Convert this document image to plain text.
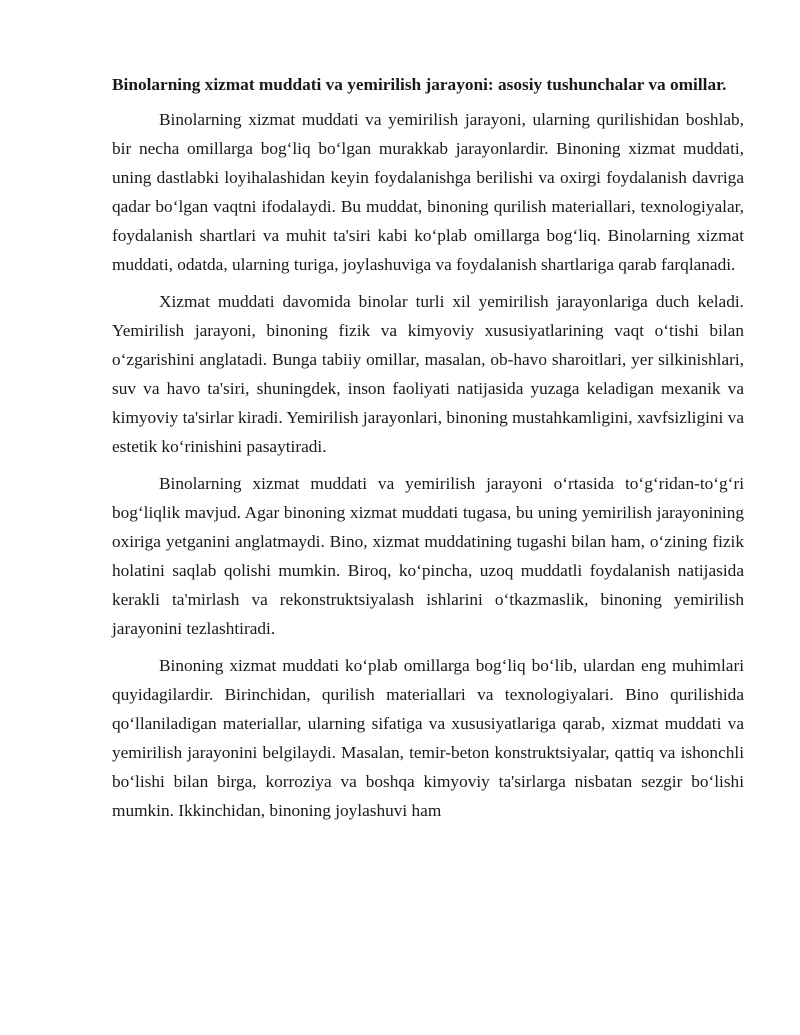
Binolarning xizmat muddati va yemirilish jarayoni: asosiy tushunchalar va omillar.

Binolarning xizmat muddati va yemirilish jarayoni, ularning qurilishidan boshlab, bir necha omillarga bog‘liq bo‘lgan murakkab jarayonlardir. Binoning xizmat muddati, uning dastlabki loyihalashidan keyin foydalanishga berilishi va oxirgi foydalanish davriga qadar bo‘lgan vaqtni ifodalaydi. Bu muddat, binoning qurilish materiallari, texnologiyalar, foydalanish shartlari va muhit ta'siri kabi ko‘plab omillarga bog‘liq. Binolarning xizmat muddati, odatda, ularning turiga, joylashuviga va foydalanish shartlariga qarab farqlanadi.

Xizmat muddati davomida binolar turli xil yemirilish jarayonlariga duch keladi. Yemirilish jarayoni, binoning fizik va kimyoviy xususiyatlarining vaqt o‘tishi bilan o‘zgarishini anglatadi. Bunga tabiiy omillar, masalan, ob-havo sharoitlari, yer silkinishlari, suv va havo ta'siri, shuningdek, inson faoliyati natijasida yuzaga keladigan mexanik va kimyoviy ta'sirlar kiradi. Yemirilish jarayonlari, binoning mustahkamligini, xavfsizligini va estetik ko‘rinishini pasaytiradi.

Binolarning xizmat muddati va yemirilish jarayoni o‘rtasida to‘g‘ridan-to‘g‘ri bog‘liqlik mavjud. Agar binoning xizmat muddati tugasa, bu uning yemirilish jarayonining oxiriga yetganini anglatmaydi. Bino, xizmat muddatining tugashi bilan ham, o‘zining fizik holatini saqlab qolishi mumkin. Biroq, ko‘pincha, uzoq muddatli foydalanish natijasida kerakli ta'mirlash va rekonstruktsiyalash ishlarini o‘tkazmaslik, binoning yemirilish jarayonini tezlashtiradi.

Binoning xizmat muddati ko‘plab omillarga bog‘liq bo‘lib, ulardan eng muhimlari quyidagilardir. Birinchidan, qurilish materiallari va texnologiyalari. Bino qurilishida qo‘llaniladigan materiallar, ularning sifatiga va xususiyatlariga qarab, xizmat muddati va yemirilish jarayonini belgilaydi. Masalan, temir-beton konstruktsiyalar, qattiq va ishonchli bo‘lishi bilan birga, korroziya va boshqa kimyoviy ta'sirlarga nisbatan sezgir bo‘lishi mumkin. Ikkinchidan, binoning joylashuvi ham
